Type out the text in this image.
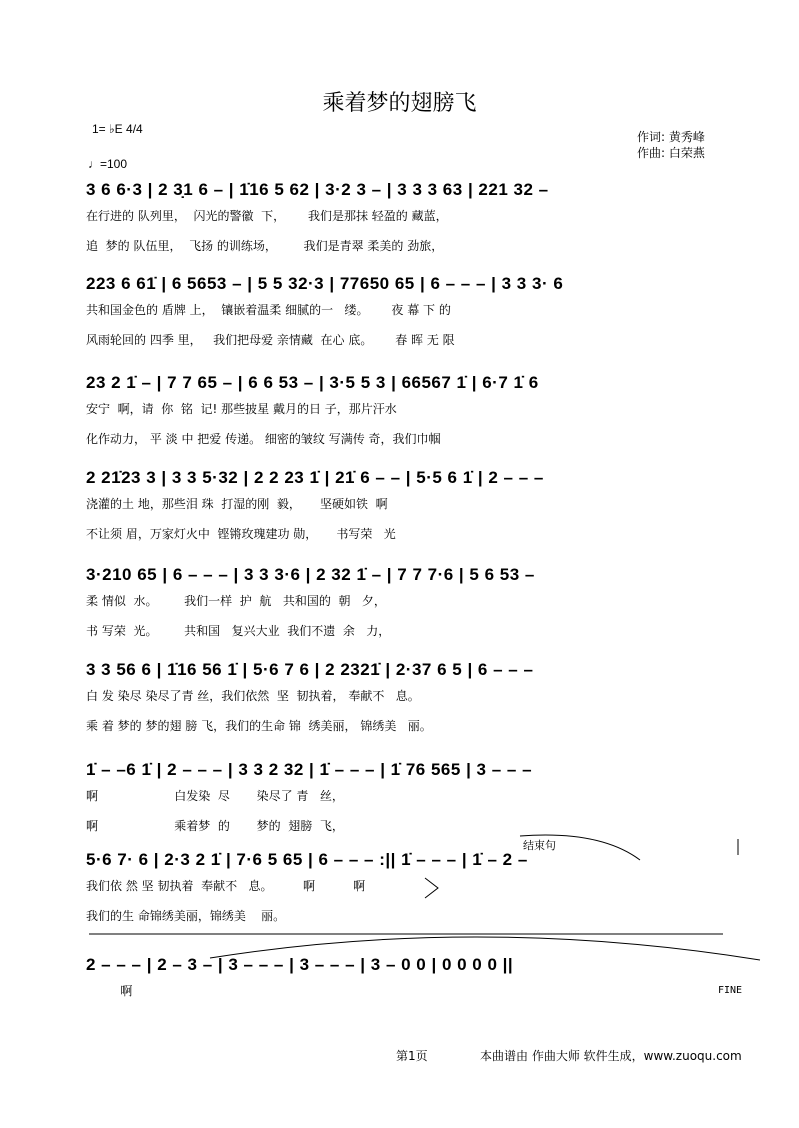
乘着梦的翅膀飞
1= ♭E 4/4
♩=100
作词: 黄秀峰
作曲: 白荣燕
3 6 6·3 | 2 3̣1 6 – | 1̇16 5 62 | 3·2 3 – | 3 3 3 63 | 221 32 –
在行进的 队列里，  闪光的警徽  下，      我们是那抹 轻盈的 藏蓝，
追  梦的 队伍里，  飞扬 的训练场，       我们是青翠 柔美的 劲旅，
223 6 61̇ | 6 5653 – | 5 5 32·3 | 77650 65 | 6 – – – | 3 3 3· 6
共和国金色的 盾牌 上，  镶嵌着温柔 细腻的一   缕。      夜 幕 下 的
风雨轮回的 四季 里，   我们把母爱 亲情藏  在心 底。      春 晖 无 限
23 2 1̇ – | 7 7 65 – | 6 6 53 – | 3·5 5 3 | 66567 1̇ | 6·7 1̇ 6
安宁  啊，请  你  铭  记! 那些披星 戴月的日 子，那片汗水
化作动力， 平 淡 中 把爱 传递。 细密的皱纹 写满传 奇，我们巾帼
2 21̇23 3 | 3 3 5·32 | 2 2 23 1̇ | 21̇ 6 – – | 5·5 6 1̇ | 2 – – –
浇灌的土 地，那些泪 珠  打湿的刚  毅，     坚硬如铁  啊
不让须 眉，万家灯火中  铿锵玫瑰建功 勋，     书写荣   光
3·210 65 | 6 – – – | 3 3 3·6 | 2 32 1̇ – | 7 7 7·6 | 5 6 53 –
柔 情似  水。       我们一样  护  航   共和国的  朝   夕，
书 写荣  光。       共和国   复兴大业  我们不遗  余   力，
3 3 56 6 | 1̇16 56 1̇ | 5·6 7 6 | 2 2321̇ | 2·37 6 5 | 6 – – –
白 发 染尽 染尽了青 丝，我们依然  坚  韧执着， 奉献不   息。
乘 着 梦的 梦的翅 膀 飞，我们的生命 锦  绣美丽， 锦绣美   丽。
1̇ – –6 1̇ | 2 – – – | 3 3 2 32 | 1̇ – – – | 1̇ 76 565 | 3 – – –
啊                    白发染  尽       染尽了 青   丝，
啊                    乘着梦  的       梦的  翅膀  飞，
5·6 7· 6 | 2·3 2 1̇ | 7·6 5 65 | 6 – – – :|| 1̇ – – – | 1̇ – 2 –
我们依 然 坚 韧执着  奉献不   息。        啊          啊
我们的生 命锦绣美丽，锦绣美    丽。
2 – – – | 2 – 3 – | 3 – – – | 3 – – – | 3 – 0 0 | 0 0 0 0 ||
啊
结束句
FINE
第1页	本曲谱由 作曲大师 软件生成，www.zuoqu.com
